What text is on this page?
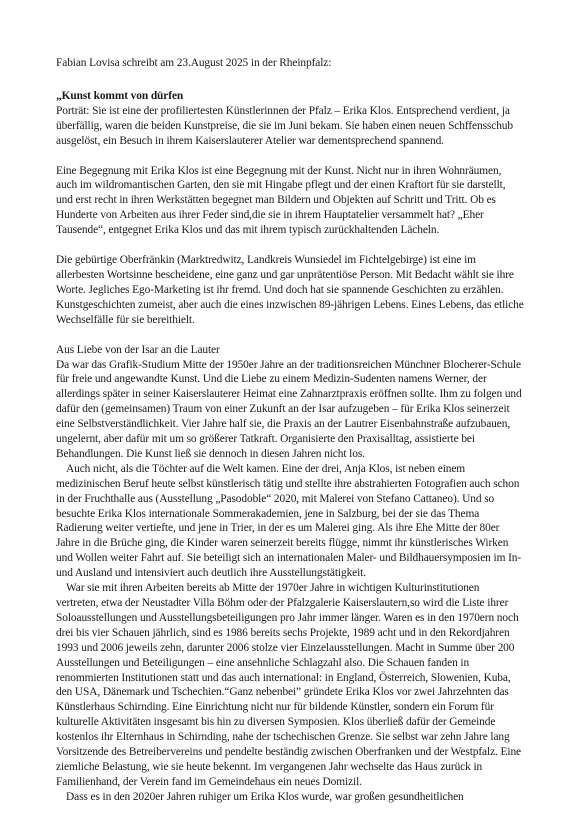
Fabian Lovisa schreibt am 23.August 2025 in der Rheinpfalz:

„Kunst kommt von dürfen

Porträt: Sie ist eine der profiliertesten Künstlerinnen der Pfalz – Erika Klos. Entsprechend verdient, ja überfällig, waren die beiden Kunstpreise, die sie im Juni bekam. Sie haben einen neuen Schffensschub ausgelöst, ein Besuch in ihrem Kaiserslauterer Atelier war dementsprechend spannend.

Eine Begegnung mit Erika Klos ist eine Begegnung mit der Kunst. Nicht nur in ihren Wohnräumen, auch im wildromantischen Garten, den sie mit Hingabe pflegt und der einen Kraftort für sie darstellt, und erst recht in ihren Werkstätten begegnet man Bildern und Objekten auf Schritt und Tritt. Ob es Hunderte von Arbeiten aus ihrer Feder sind,die sie in ihrem Hauptatelier versammelt hat? „Eher Tausende“, entgegnet Erika Klos und das mit ihrem typisch zurückhaltenden Lächeln.

Die gebürtige Oberfränkin (Marktredwitz, Landkreis Wunsiedel im Fichtelgebirge) ist eine im allerbesten Wortsinne bescheidene, eine ganz und gar unprätentiöse Person. Mit Bedacht wählt sie ihre Worte. Jegliches Ego-Marketing ist ihr fremd. Und doch hat sie spannende Geschichten zu erzählen. Kunstgeschichten zumeist, aber auch die eines inzwischen 89-jährigen Lebens. Eines Lebens, das etliche Wechselfälle für sie bereithielt.

Aus Liebe von der Isar an die Lauter

Da war das Grafik-Studium Mitte der 1950er Jahre an der traditionsreichen Münchner Blocherer-Schule für freie und angewandte Kunst. Und die Liebe zu einem Medizin-Sudenten namens Werner, der allerdings später in seiner Kaiserslauterer Heimat eine Zahnarztpraxis eröffnen sollte. Ihm zu folgen und dafür den (gemeinsamen) Traum von einer Zukunft an der Isar aufzugeben – für Erika Klos seinerzeit eine Selbstverständlichkeit. Vier Jahre half sie, die Praxis an der Lautrer Eisenbahnstraße aufzubauen, ungelernt, aber dafür mit um so größerer Tatkraft. Organisierte den Praxisalltag, assistierte bei Behandlungen. Die Kunst ließ sie dennoch in diesen Jahren nicht los.

Auch nicht, als die Töchter auf die Welt kamen. Eine der drei, Anja Klos, ist neben einem medizinischen Beruf heute selbst künstlerisch tätig und stellte ihre abstrahierten Fotografien auch schon in der Fruchthalle aus (Ausstellung „Pasodoble“ 2020, mit Malerei von Stefano Cattaneo). Und so besuchte Erika Klos internationale Sommerakademien, jene in Salzburg, bei der sie das Thema Radierung weiter vertiefte, und jene in Trier, in der es um Malerei ging. Als ihre Ehe Mitte der 80er Jahre in die Brüche ging, die Kinder waren seinerzeit bereits flügge, nimmt ihr künstlerisches Wirken und Wollen weiter Fahrt auf. Sie beteiligt sich an internationalen Maler- und Bildhauersymposien im In- und Ausland und intensiviert auch deutlich ihre Ausstellungstätigkeit.

War sie mit ihren Arbeiten bereits ab Mitte der 1970er Jahre in wichtigen Kulturinstitutionen vertreten, etwa der Neustadter Villa Böhm oder der Pfalzgalerie Kaiserslautern,so wird die Liste ihrer Soloausstellungen und Ausstellungsbeteiligungen pro Jahr immer länger. Waren es in den 1970ern noch drei bis vier Schauen jährlich, sind es 1986 bereits sechs Projekte, 1989 acht und in den Rekordjahren 1993 und 2006 jeweils zehn, darunter 2006 stolze vier Einzelausstellungen. Macht in Summe über 200 Ausstellungen und Beteiligungen – eine ansehnliche Schlagzahl also. Die Schauen fanden in renommierten Institutionen statt und das auch international: in England, Österreich, Slowenien, Kuba, den USA, Dänemark und Tschechien.“Ganz nebenbei” gründete Erika Klos vor zwei Jahrzehnten das Künstlerhaus Schirnding. Eine Einrichtung nicht nur für bildende Künstler, sondern ein Forum für kulturelle Aktivitäten insgesamt bis hin zu diversen Symposien. Klos überließ dafür der Gemeinde kostenlos ihr Elternhaus in Schirnding, nahe der tschechischen Grenze. Sie selbst war zehn Jahre lang Vorsitzende des Betreibervereins und pendelte beständig zwischen Oberfranken und der Westpfalz. Eine ziemliche Belastung, wie sie heute bekennt. Im vergangenen Jahr wechselte das Haus zurück in Familienhand, der Verein fand im Gemeindehaus ein neues Domizil.

Dass es in den 2020er Jahren ruhiger um Erika Klos wurde, war großen gesundheitlichen
